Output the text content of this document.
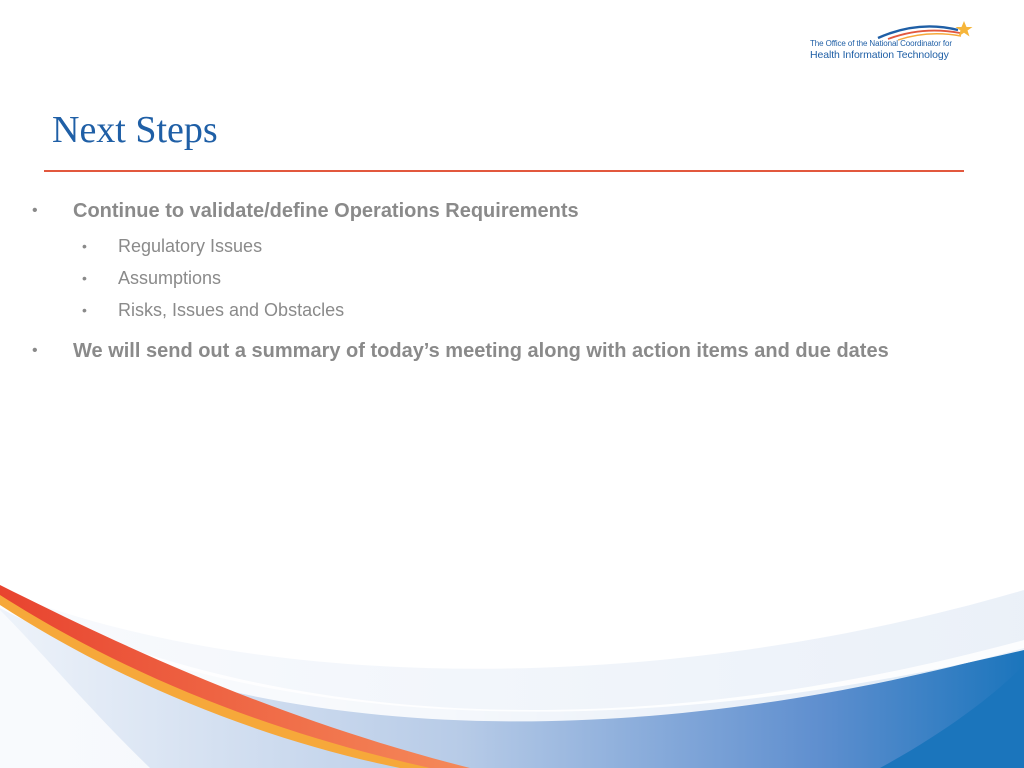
The Office of the National Coordinator for
Health Information Technology
Next Steps
• Continue to validate/define Operations Requirements
• Regulatory Issues
• Assumptions
• Risks, Issues and Obstacles
• We will send out a summary of today’s meeting along with action items and due dates
